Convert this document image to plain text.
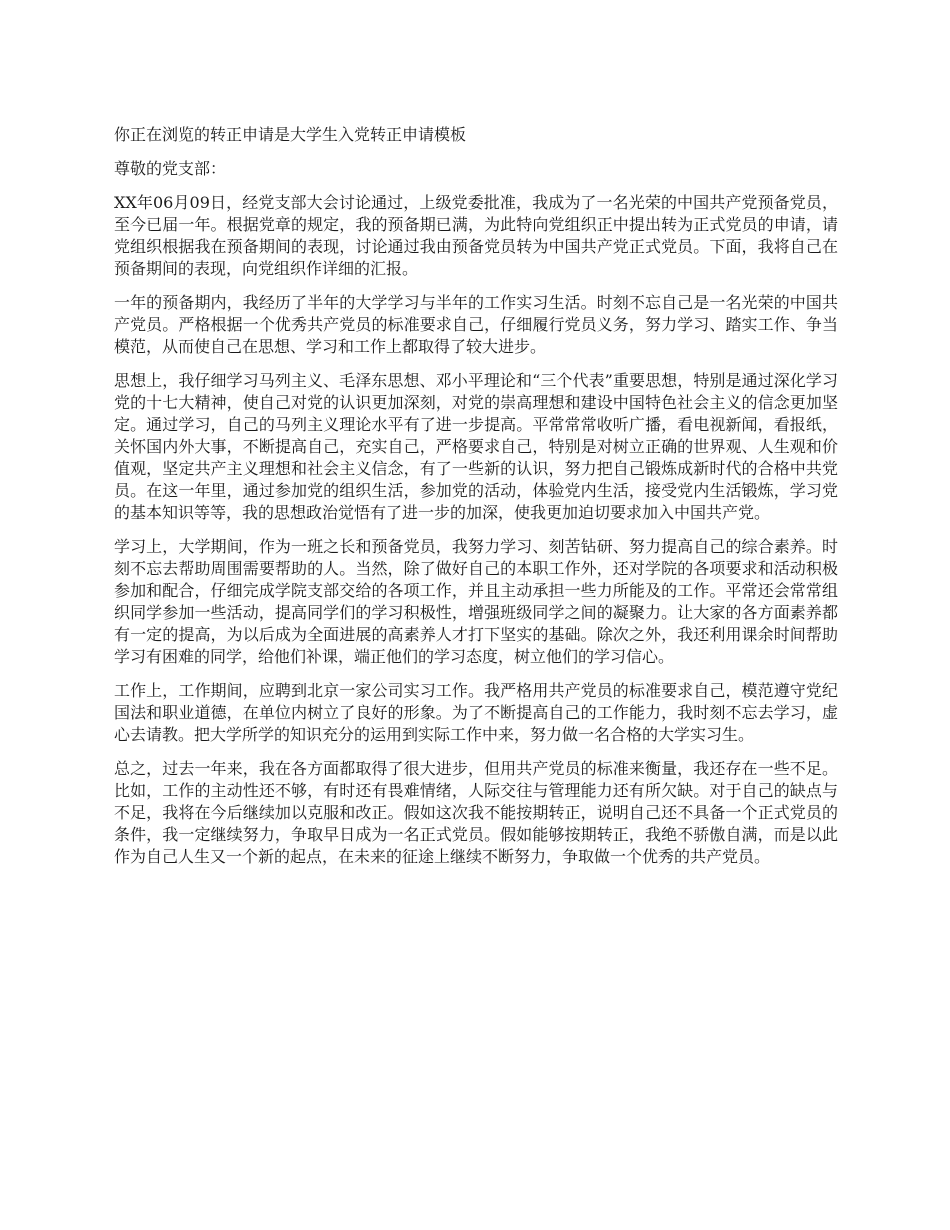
你正在浏览的转正申请是大学生入党转正申请模板

尊敬的党支部：

XX年06月09日，经党支部大会讨论通过，上级党委批准，我成为了一名光荣的中国共产党预备党员，至今已届一年。根据党章的规定，我的预备期已满，为此特向党组织正中提出转为正式党员的申请，请党组织根据我在预备期间的表现，讨论通过我由预备党员转为中国共产党正式党员。下面，我将自己在预备期间的表现，向党组织作详细的汇报。

一年的预备期内，我经历了半年的大学学习与半年的工作实习生活。时刻不忘自己是一名光荣的中国共产党员。严格根据一个优秀共产党员的标准要求自己，仔细履行党员义务，努力学习、踏实工作、争当模范，从而使自己在思想、学习和工作上都取得了较大进步。

思想上，我仔细学习马列主义、毛泽东思想、邓小平理论和“三个代表”重要思想，特别是通过深化学习党的十七大精神，使自己对党的认识更加深刻，对党的崇高理想和建设中国特色社会主义的信念更加坚定。通过学习，自己的马列主义理论水平有了进一步提高。平常常常收听广播，看电视新闻，看报纸，关怀国内外大事，不断提高自己，充实自己，严格要求自己，特别是对树立正确的世界观、人生观和价值观，坚定共产主义理想和社会主义信念，有了一些新的认识，努力把自己锻炼成新时代的合格中共党员。在这一年里，通过参加党的组织生活，参加党的活动，体验党内生活，接受党内生活锻炼，学习党的基本知识等等，我的思想政治觉悟有了进一步的加深，使我更加迫切要求加入中国共产党。

学习上，大学期间，作为一班之长和预备党员，我努力学习、刻苦钻研、努力提高自己的综合素养。时刻不忘去帮助周围需要帮助的人。当然，除了做好自己的本职工作外，还对学院的各项要求和活动积极参加和配合，仔细完成学院支部交给的各项工作，并且主动承担一些力所能及的工作。平常还会常常组织同学参加一些活动，提高同学们的学习积极性，增强班级同学之间的凝聚力。让大家的各方面素养都有一定的提高，为以后成为全面进展的高素养人才打下坚实的基础。除次之外，我还利用课余时间帮助学习有困难的同学，给他们补课，端正他们的学习态度，树立他们的学习信心。

工作上，工作期间，应聘到北京一家公司实习工作。我严格用共产党员的标准要求自己，模范遵守党纪国法和职业道德，在单位内树立了良好的形象。为了不断提高自己的工作能力，我时刻不忘去学习，虚心去请教。把大学所学的知识充分的运用到实际工作中来，努力做一名合格的大学实习生。

总之，过去一年来，我在各方面都取得了很大进步，但用共产党员的标准来衡量，我还存在一些不足。比如，工作的主动性还不够，有时还有畏难情绪，人际交往与管理能力还有所欠缺。对于自己的缺点与不足，我将在今后继续加以克服和改正。假如这次我不能按期转正，说明自己还不具备一个正式党员的条件，我一定继续努力，争取早日成为一名正式党员。假如能够按期转正，我绝不骄傲自满，而是以此作为自己人生又一个新的起点，在未来的征途上继续不断努力，争取做一个优秀的共产党员。
